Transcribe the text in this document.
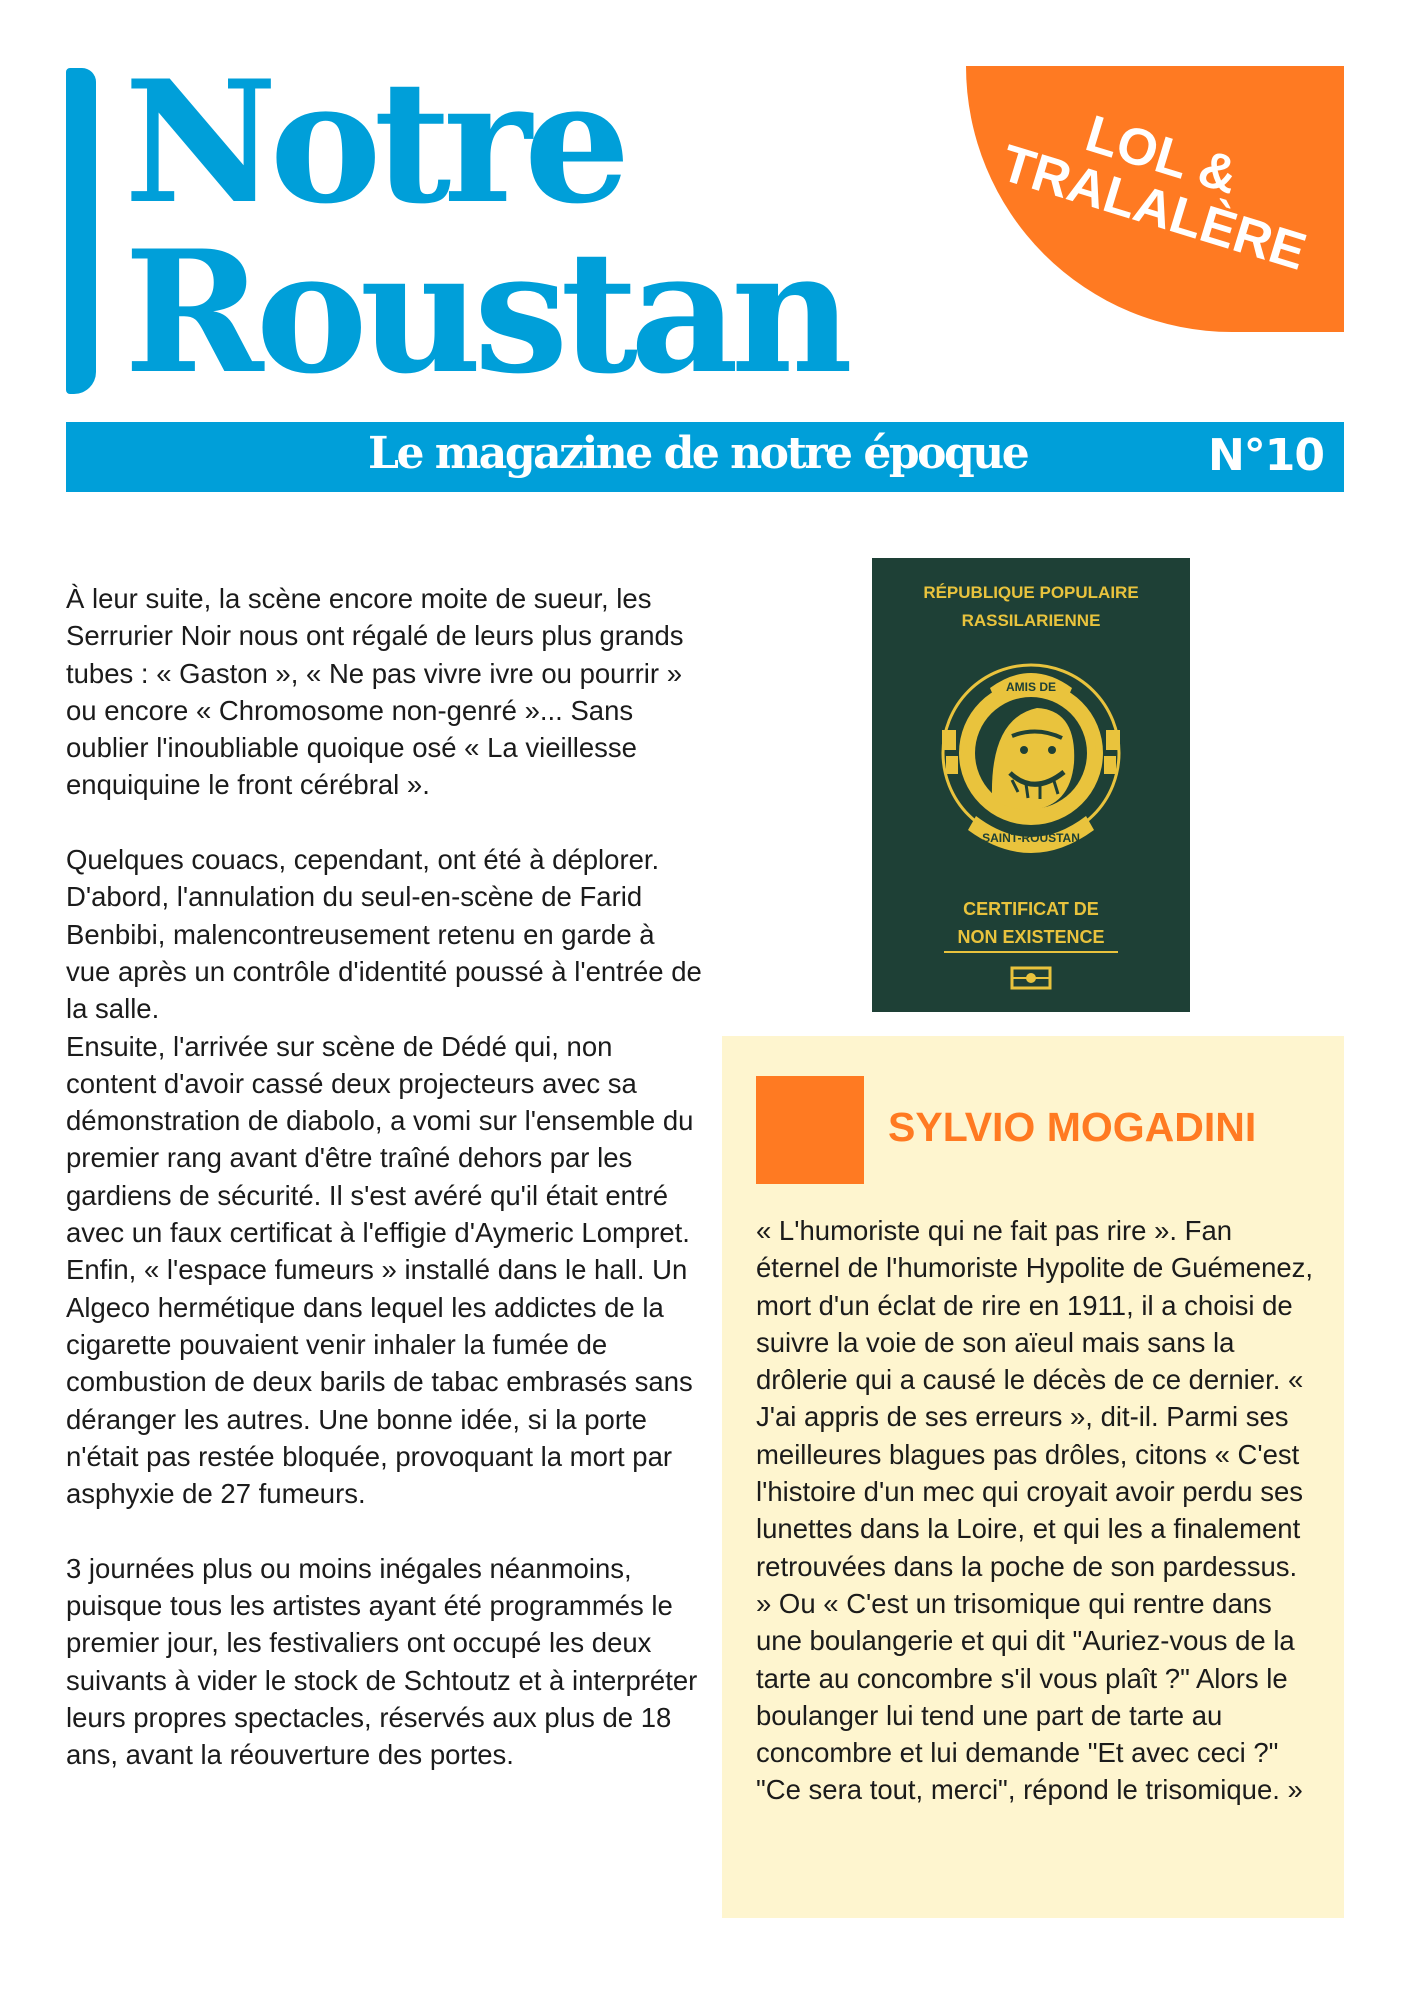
Notre
Roustan
LOL & TRALALÈRE
Le magazine de notre époque	N°10

À leur suite, la scène encore moite de sueur, les Serrurier Noir nous ont régalé de leurs plus grands tubes : « Gaston », « Ne pas vivre ivre ou pourrir » ou encore « Chromosome non-genré »... Sans oublier l'inoubliable quoique osé « La vieillesse enquiquine le front cérébral ».

Quelques couacs, cependant, ont été à déplorer.

D'abord, l'annulation du seul-en-scène de Farid Benbibi, malencontreusement retenu en garde à vue après un contrôle d'identité poussé à l'entrée de la salle.

Ensuite, l'arrivée sur scène de Dédé qui, non content d'avoir cassé deux projecteurs avec sa démonstration de diabolo, a vomi sur l'ensemble du premier rang avant d'être traîné dehors par les gardiens de sécurité. Il s'est avéré qu'il était entré avec un faux certificat à l'effigie d'Aymeric Lompret.

Enfin, « l'espace fumeurs » installé dans le hall. Un Algeco hermétique dans lequel les addictes de la cigarette pouvaient venir inhaler la fumée de combustion de deux barils de tabac embrasés sans déranger les autres. Une bonne idée, si la porte n'était pas restée bloquée, provoquant la mort par asphyxie de 27 fumeurs.

3 journées plus ou moins inégales néanmoins, puisque tous les artistes ayant été programmés le premier jour, les festivaliers ont occupé les deux suivants à vider le stock de Schtoutz et à interpréter leurs propres spectacles, réservés aux plus de 18 ans, avant la réouverture des portes.

RÉPUBLIQUE POPULAIRE
RASSILARIENNE
AMIS DE
SAINT-ROUSTAN
CERTIFICAT DE
NON EXISTENCE
SYLVIO MOGADINI
« L'humoriste qui ne fait pas rire ». Fan éternel de l'humoriste Hypolite de Guémenez, mort d'un éclat de rire en 1911, il a choisi de suivre la voie de son aïeul mais sans la drôlerie qui a causé le décès de ce dernier. « J'ai appris de ses erreurs », dit-il. Parmi ses meilleures blagues pas drôles, citons « C'est l'histoire d'un mec qui croyait avoir perdu ses lunettes dans la Loire, et qui les a finalement retrouvées dans la poche de son pardessus. » Ou « C'est un trisomique qui rentre dans une boulangerie et qui dit "Auriez-vous de la tarte au concombre s'il vous plaît ?" Alors le boulanger lui tend une part de tarte au concombre et lui demande "Et avec ceci ?" "Ce sera tout, merci", répond le trisomique. »
